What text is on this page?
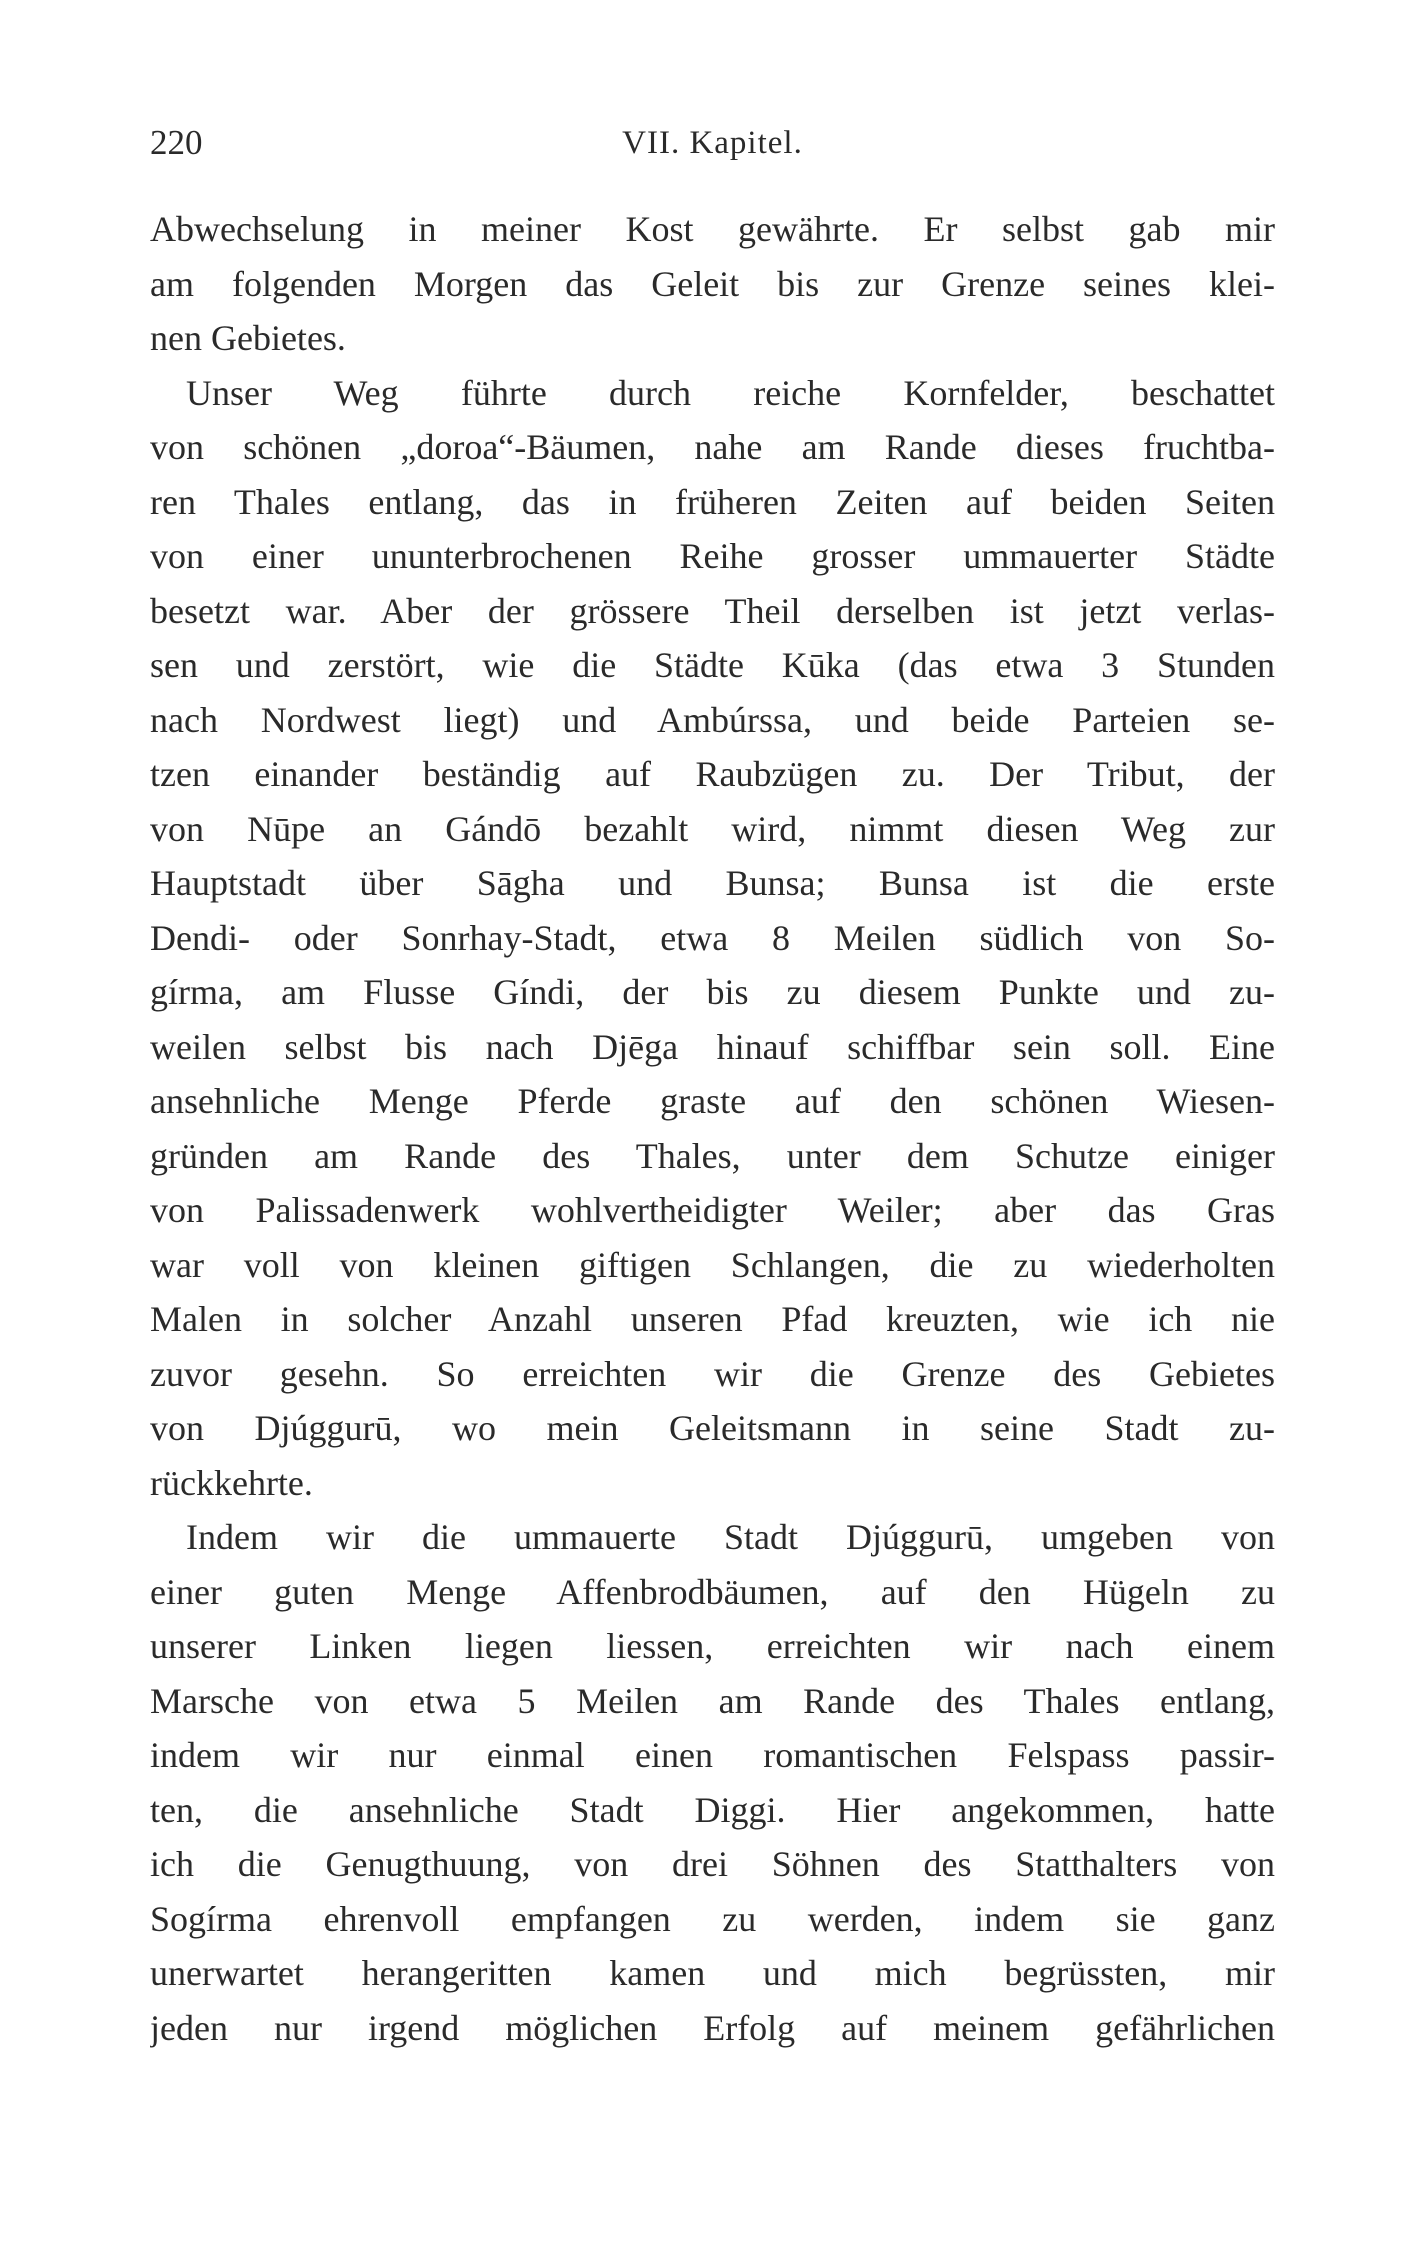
220	VII. Kapitel.
Abwechselung in meiner Kost gewährte. Er selbst gab mir
am folgenden Morgen das Geleit bis zur Grenze seines klei-
nen Gebietes.
Unser Weg führte durch reiche Kornfelder, beschattet
von schönen „doroa“-Bäumen, nahe am Rande dieses fruchtba-
ren Thales entlang, das in früheren Zeiten auf beiden Seiten
von einer ununterbrochenen Reihe grosser ummauerter Städte
besetzt war. Aber der grössere Theil derselben ist jetzt verlas-
sen und zerstört, wie die Städte Kūka (das etwa 3 Stunden
nach Nordwest liegt) und Ambúrssa, und beide Parteien se-
tzen einander beständig auf Raubzügen zu. Der Tribut, der
von Nūpe an Gándō bezahlt wird, nimmt diesen Weg zur
Hauptstadt über Sāgha und Bunsa; Bunsa ist die erste
Dendi- oder Sonrhay-Stadt, etwa 8 Meilen südlich von So-
gírma, am Flusse Gíndi, der bis zu diesem Punkte und zu-
weilen selbst bis nach Djēga hinauf schiffbar sein soll. Eine
ansehnliche Menge Pferde graste auf den schönen Wiesen-
gründen am Rande des Thales, unter dem Schutze einiger
von Palissadenwerk wohlvertheidigter Weiler; aber das Gras
war voll von kleinen giftigen Schlangen, die zu wiederholten
Malen in solcher Anzahl unseren Pfad kreuzten, wie ich nie
zuvor gesehn. So erreichten wir die Grenze des Gebietes
von Djúggurū, wo mein Geleitsmann in seine Stadt zu-
rückkehrte.
Indem wir die ummauerte Stadt Djúggurū, umgeben von
einer guten Menge Affenbrodbäumen, auf den Hügeln zu
unserer Linken liegen liessen, erreichten wir nach einem
Marsche von etwa 5 Meilen am Rande des Thales entlang,
indem wir nur einmal einen romantischen Felspass passir-
ten, die ansehnliche Stadt Diggi. Hier angekommen, hatte
ich die Genugthuung, von drei Söhnen des Statthalters von
Sogírma ehrenvoll empfangen zu werden, indem sie ganz
unerwartet herangeritten kamen und mich begrüssten, mir
jeden nur irgend möglichen Erfolg auf meinem gefährlichen
